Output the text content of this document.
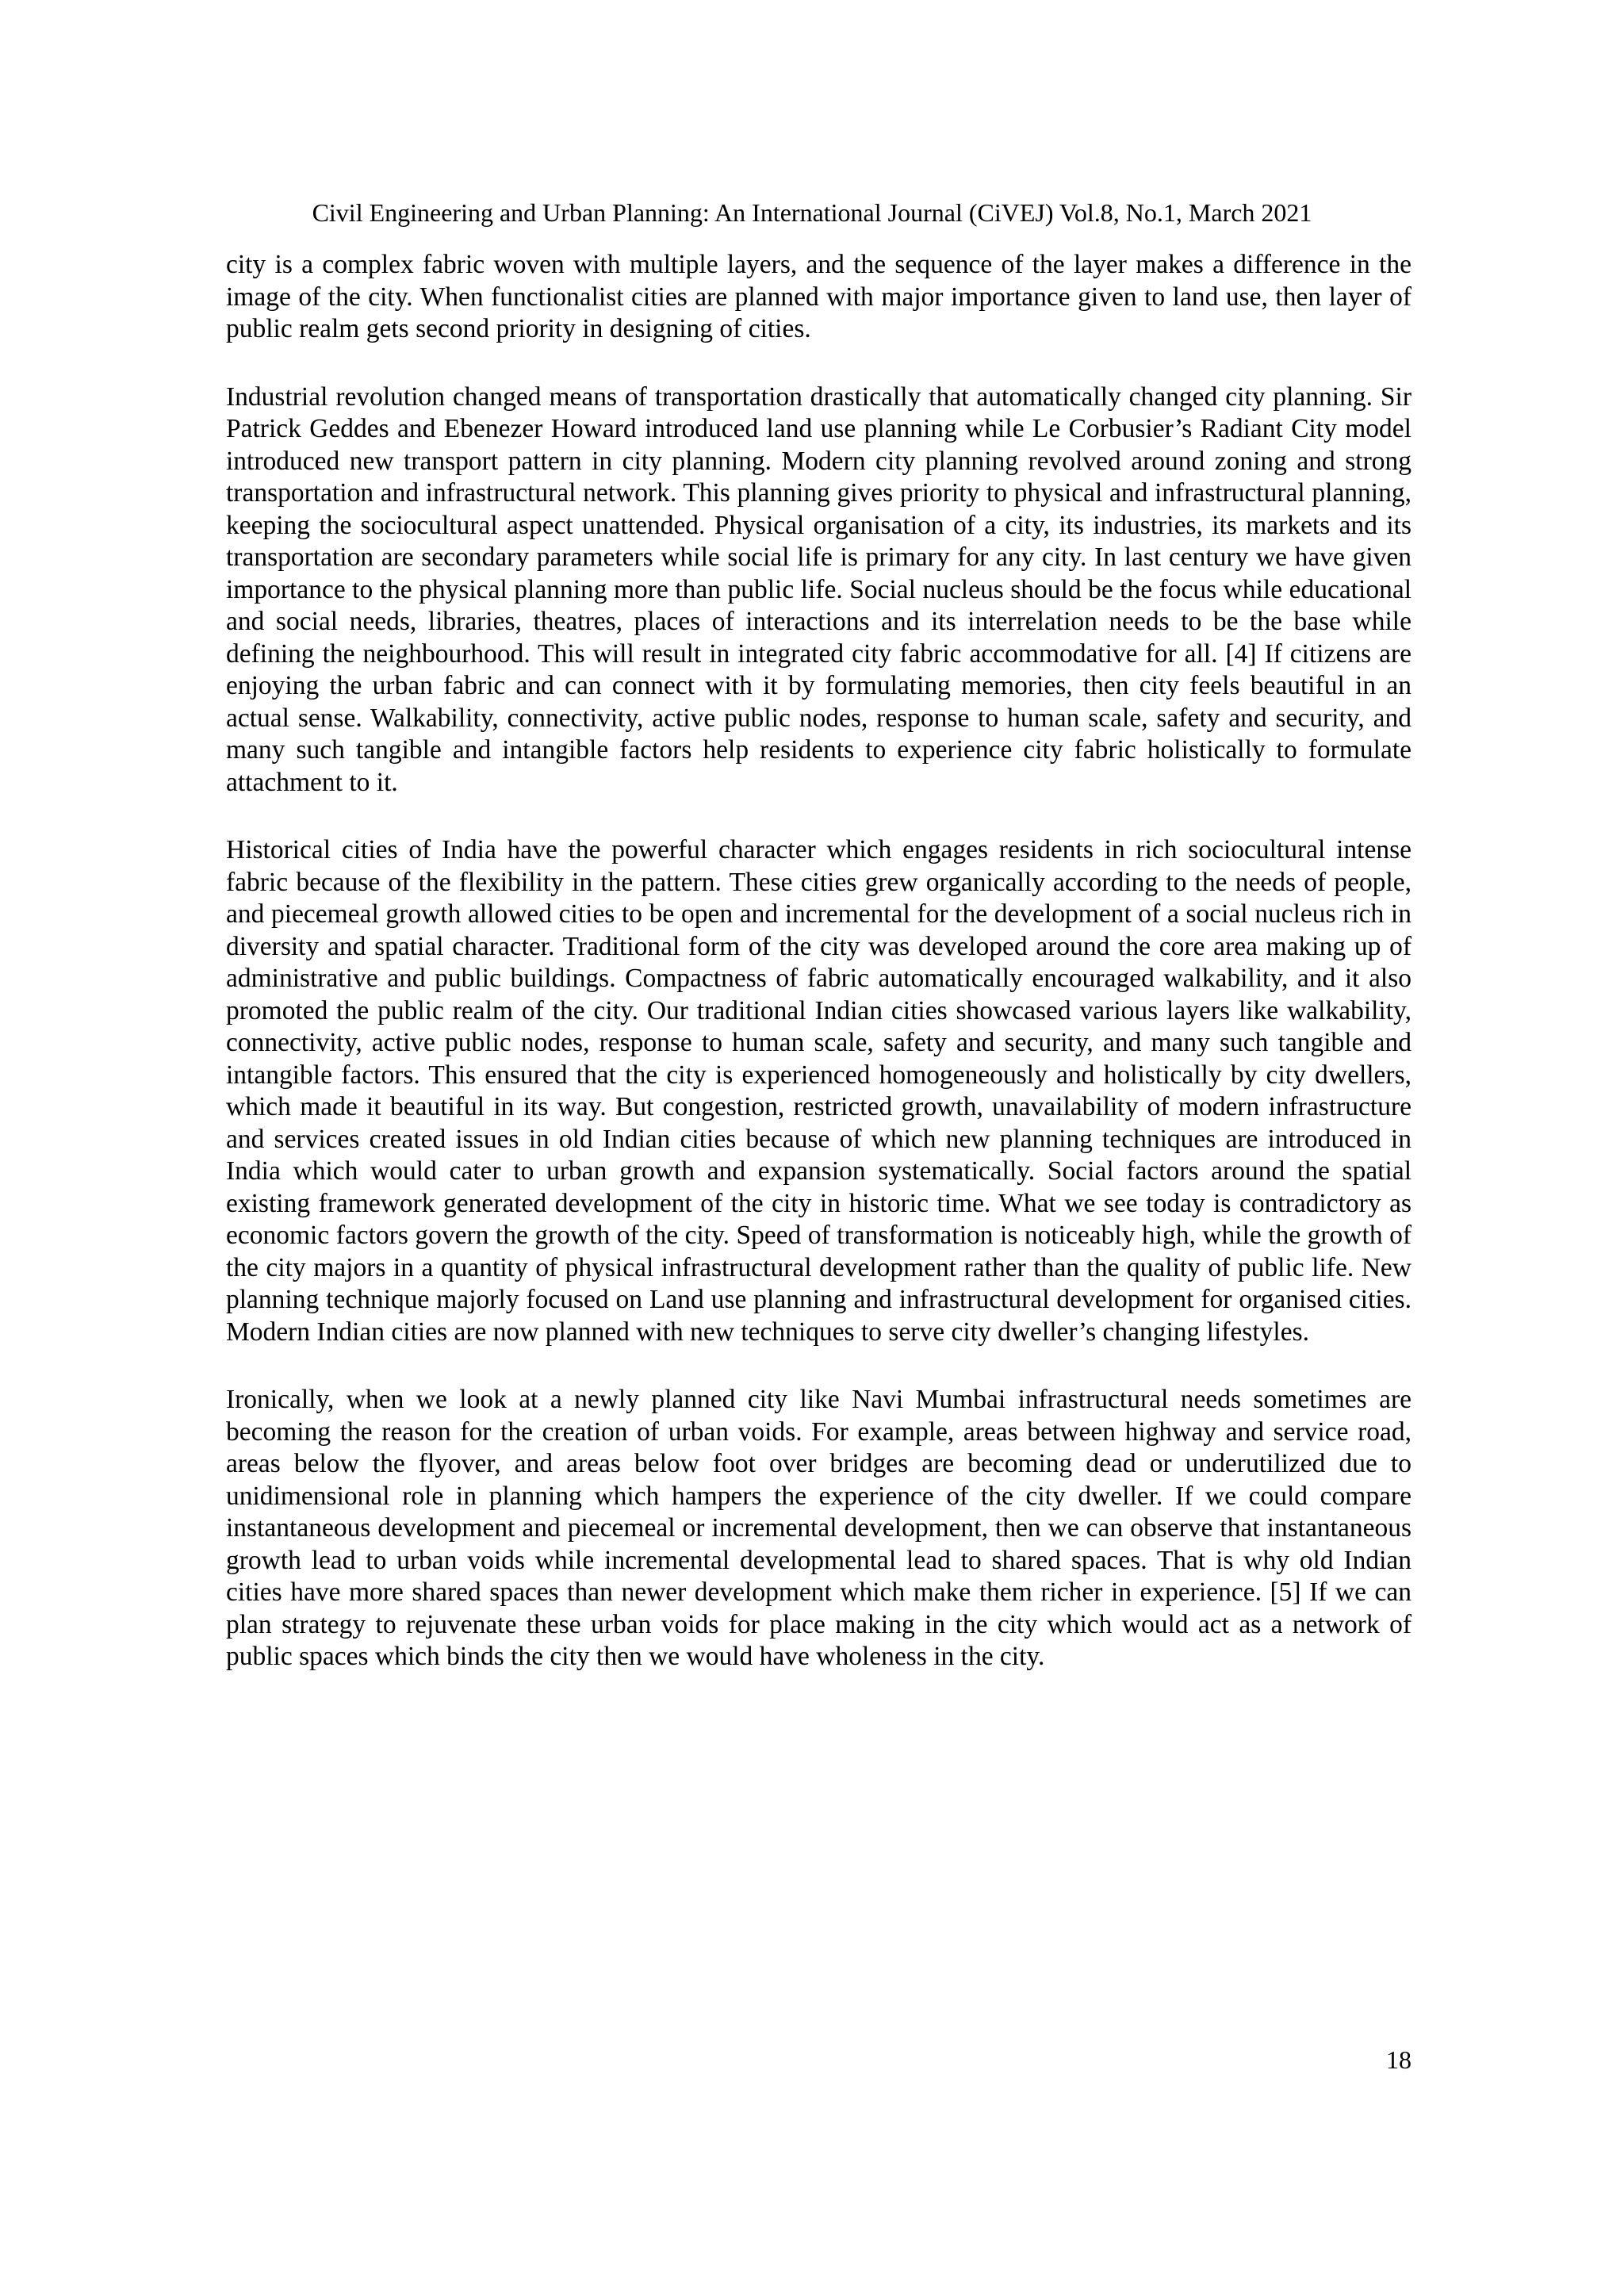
Civil Engineering and Urban Planning: An International Journal (CiVEJ) Vol.8, No.1, March 2021

city is a complex fabric woven with multiple layers, and the sequence of the layer makes a difference in the image of the city. When functionalist cities are planned with major importance given to land use, then layer of public realm gets second priority in designing of cities.

Industrial revolution changed means of transportation drastically that automatically changed city planning. Sir Patrick Geddes and Ebenezer Howard introduced land use planning while Le Corbusier’s Radiant City model introduced new transport pattern in city planning. Modern city planning revolved around zoning and strong transportation and infrastructural network. This planning gives priority to physical and infrastructural planning, keeping the sociocultural aspect unattended. Physical organisation of a city, its industries, its markets and its transportation are secondary parameters while social life is primary for any city. In last century we have given importance to the physical planning more than public life. Social nucleus should be the focus while educational and social needs, libraries, theatres, places of interactions and its interrelation needs to be the base while defining the neighbourhood. This will result in integrated city fabric accommodative for all. [4] If citizens are enjoying the urban fabric and can connect with it by formulating memories, then city feels beautiful in an actual sense. Walkability, connectivity, active public nodes, response to human scale, safety and security, and many such tangible and intangible factors help residents to experience city fabric holistically to formulate attachment to it.

Historical cities of India have the powerful character which engages residents in rich sociocultural intense fabric because of the flexibility in the pattern. These cities grew organically according to the needs of people, and piecemeal growth allowed cities to be open and incremental for the development of a social nucleus rich in diversity and spatial character. Traditional form of the city was developed around the core area making up of administrative and public buildings. Compactness of fabric automatically encouraged walkability, and it also promoted the public realm of the city. Our traditional Indian cities showcased various layers like walkability, connectivity, active public nodes, response to human scale, safety and security, and many such tangible and intangible factors. This ensured that the city is experienced homogeneously and holistically by city dwellers, which made it beautiful in its way. But congestion, restricted growth, unavailability of modern infrastructure and services created issues in old Indian cities because of which new planning techniques are introduced in India which would cater to urban growth and expansion systematically. Social factors around the spatial existing framework generated development of the city in historic time. What we see today is contradictory as economic factors govern the growth of the city. Speed of transformation is noticeably high, while the growth of the city majors in a quantity of physical infrastructural development rather than the quality of public life. New planning technique majorly focused on Land use planning and infrastructural development for organised cities. Modern Indian cities are now planned with new techniques to serve city dweller’s changing lifestyles.

Ironically, when we look at a newly planned city like Navi Mumbai infrastructural needs sometimes are becoming the reason for the creation of urban voids. For example, areas between highway and service road, areas below the flyover, and areas below foot over bridges are becoming dead or underutilized due to unidimensional role in planning which hampers the experience of the city dweller. If we could compare instantaneous development and piecemeal or incremental development, then we can observe that instantaneous growth lead to urban voids while incremental developmental lead to shared spaces. That is why old Indian cities have more shared spaces than newer development which make them richer in experience. [5] If we can plan strategy to rejuvenate these urban voids for place making in the city which would act as a network of public spaces which binds the city then we would have wholeness in the city.

18
